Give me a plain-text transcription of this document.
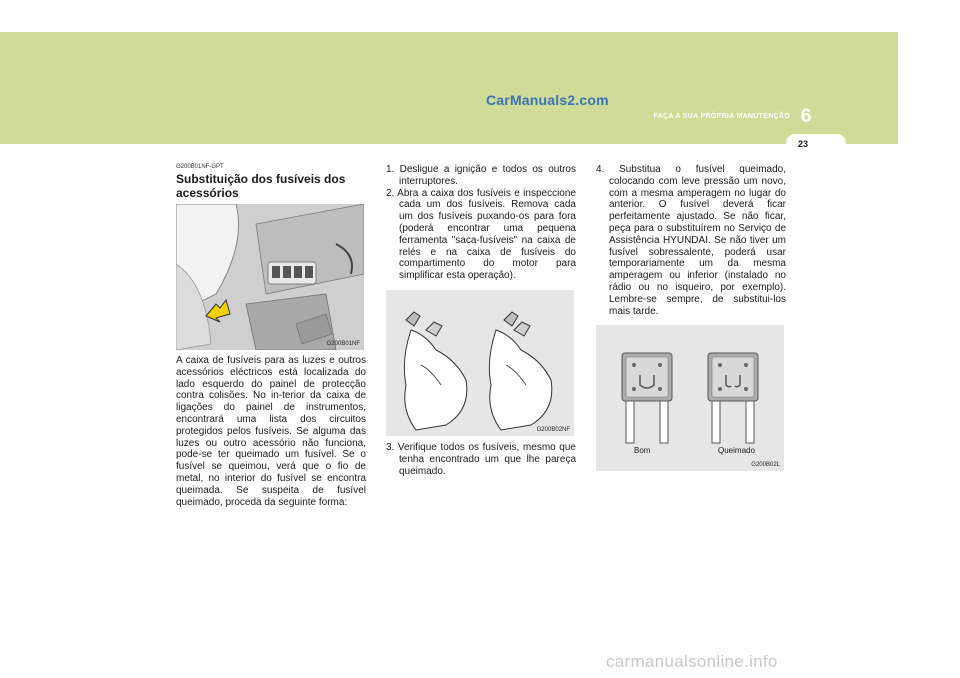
CarManuals2.com
FAÇA A SUA PRÓPRIA MANUTENÇÃO 6
23
G200B01NF-GPT
Substituição dos fusíveis dos acessórios
G200B01NF

A caixa de fusíveis para as luzes e outros acessórios eléctricos está localizada do lado esquerdo do painel de protecção contra colisões. No in-terior da caixa de ligações do painel de instrumentos, encontrará uma lista dos circuitos protegidos pelos fusíveis. Se alguma das luzes ou outro acessório não funciona, pode-se ter queimado um fusível. Se o fusível se queimou, verá que o fio de metal, no interior do fusível se encontra queimada. Se suspeita de fusível queimado, proceda da seguinte forma:

1. Desligue a ignição e todos os outros interruptores.
2. Abra a caixa dos fusíveis e inspeccione cada um dos fusíveis. Remova cada um dos fusíveis puxando-os para fora (poderá encontrar uma pequena ferramenta "saca-fusíveis" na caixa de relés e na caixa de fusíveis do compartimento do motor para simplificar esta operação).
G200B02NF
3. Verifique todos os fusíveis, mesmo que tenha encontrado um que lhe pareça queimado.
4. Substitua o fusível queimado, colocando com leve pressão um novo, com a mesma amperagem no lugar do anterior. O fusível deverá ficar perfeitamente ajustado. Se não ficar, peça para o substituírem no Serviço de Assistência HYUNDAI. Se não tiver um fusível sobressalente, poderá usar temporariamente um da mesma amperagem ou inferior (instalado no rádio ou no isqueiro, por exemplo). Lembre-se sempre, de substitui-los mais tarde.
Bom	Queimado
G200B02L
carmanualsonline.info
